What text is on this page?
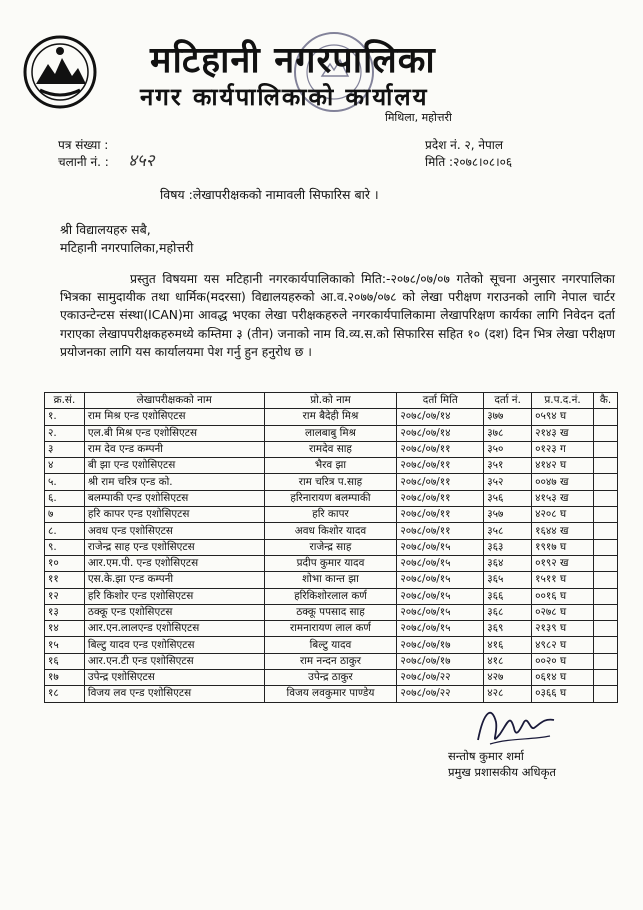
मटिहानी नगरपालिका
नगर कार्यपालिकाको कार्यालय
मिथिला, महोत्तरी
पत्र संख्या :
चलानी नं. : ४५२
प्रदेश नं. २, नेपाल
मिति :२०७८।०८।०६
विषय :लेखापरीक्षकको नामावली सिफारिस बारे ।
श्री विद्यालयहरु सबै,
मटिहानी नगरपालिका,महोत्तरी
प्रस्तुत विषयमा यस मटिहानी नगरकार्यपालिकाको मिति:-२०७८/०७/०७ गतेको सूचना अनुसार नगरपालिका भित्रका सामुदायीक तथा धार्मिक(मदरसा) विद्यालयहरुको आ.व.२०७७/०७८ को लेखा परीक्षण गराउनको लागि नेपाल चार्टर एकाउन्टेन्टस संस्था(ICAN)मा आवद्ध भएका लेखा परीक्षकहरुले नगरकार्यपालिकामा लेखापरिक्षण कार्यका लागि निवेदन दर्ता गराएका लेखापपरीक्षकहरुमध्ये कम्तिमा ३ (तीन) जनाको नाम वि.व्य.स.को सिफारिस सहित १० (दश) दिन भित्र लेखा परीक्षण प्रयोजनका लागि यस कार्यालयमा पेश गर्नु हुन हनुरोध छ ।
क्र.सं.	लेखापरीक्षकको नाम	प्रो.को नाम	दर्ता मिति	दर्ता नं.	प्र.प.द.नं.	कै.
१.	राम मिश्र एन्ड एशोसिएटस	राम बैदेही मिश्र	२०७८/०७/१४	३७७	०५९४ घ	
२.	एल.बी मिश्र एन्ड एशोसिएटस	लालबाबु मिश्र	२०७८/०७/१४	३७८	२१४३ ख	
३	राम देव एन्ड कम्पनी	रामदेव साह	२०७८/०७/११	३५०	०१२३ ग	
४	बी झा एन्ड एशोसिएटस	भैरव झा	२०७८/०७/११	३५१	४१४२ घ	
५.	श्री राम चरित्र एन्ड को.	राम चरित्र प.साह	२०७८/०७/११	३५२	००४७ ख	
६.	बलम्पाकी एन्ड एशोसिएटस	हरिनारायण बलम्पाकी	२०७८/०७/११	३५६	४१५३ ख	
७	हरि कापर एन्ड एशोसिएटस	हरि कापर	२०७८/०७/११	३५७	४२०८ घ	
८.	अवध एन्ड एशोसिएटस	अवध किशोर यादव	२०७८/०७/११	३५८	१६४४ ख	
९.	राजेन्द्र साह एन्ड एशोसिएटस	राजेन्द्र साह	२०७८/०७/१५	३६३	१९१७ घ	
१०	आर.एम.पी. एन्ड एशोसिएटस	प्रदीप कुमार यादव	२०७८/०७/१५	३६४	०१९२ ख	
११	एस.के.झा एन्ड कम्पनी	शोभा कान्त झा	२०७८/०७/१५	३६५	१५११ घ	
१२	हरि किशोर एन्ड एशोसिएटस	हरिकिशोरलाल कर्ण	२०७८/०७/१५	३६६	००१६ घ	
१३	ठक्कू एन्ड एशोसिएटस	ठक्कू पपसाद साह	२०७८/०७/१५	३६८	०२७८ घ	
१४	आर.एन.लालएन्ड एशोसिएटस	रामनारायण लाल कर्ण	२०७८/०७/१५	३६९	२१३९ घ	
१५	बिल्टु यादव एन्ड एशोसिएटस	बिल्टु यादव	२०७८/०७/१७	४१६	४९८२ घ	
१६	आर.एन.टी एन्ड एशोसिएटस	राम नन्दन ठाकुर	२०७८/०७/१७	४१८	००२० घ	
१७	उपेन्द्र एशोसिएटस	उपेन्द्र ठाकुर	२०७८/०७/२२	४२७	०६१४ घ	
१८	विजय लव एन्ड एशोसिएटस	विजय लवकुमार पाण्डेय	२०७८/०७/२२	४२८	०३६६ घ	
सन्तोष कुमार शर्मा
प्रमुख प्रशासकीय अधिकृत
